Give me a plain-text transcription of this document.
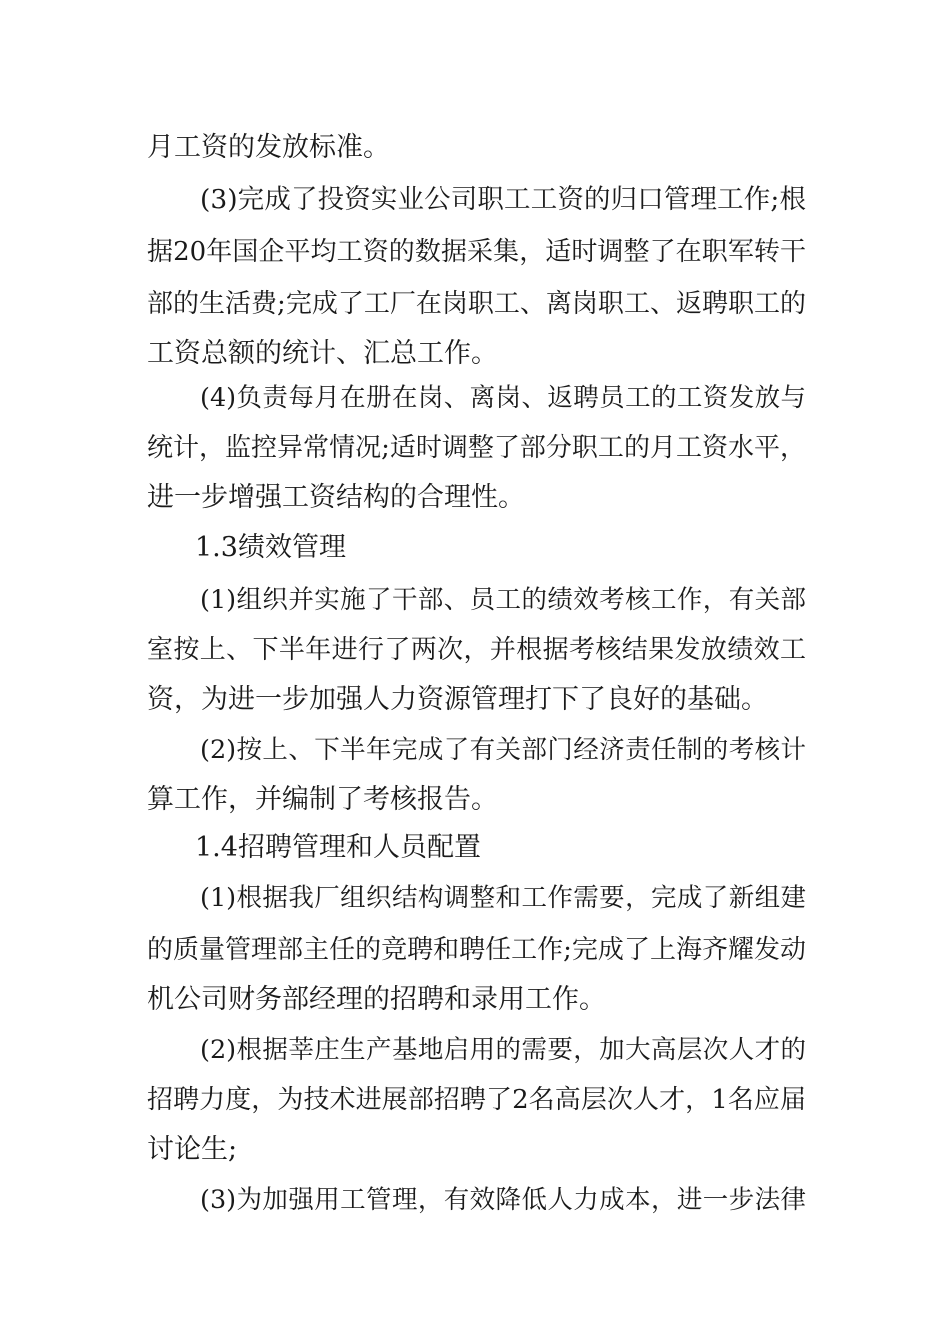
月工资的发放标准。
(3)完成了投资实业公司职工工资的归口管理工作;根
据20年国企平均工资的数据采集，适时调整了在职军转干
部的生活费;完成了工厂在岗职工、离岗职工、返聘职工的
工资总额的统计、汇总工作。
(4)负责每月在册在岗、离岗、返聘员工的工资发放与
统计，监控异常情况;适时调整了部分职工的月工资水平，
进一步增强工资结构的合理性。
1.3绩效管理
(1)组织并实施了干部、员工的绩效考核工作，有关部
室按上、下半年进行了两次，并根据考核结果发放绩效工
资，为进一步加强人力资源管理打下了良好的基础。
(2)按上、下半年完成了有关部门经济责任制的考核计
算工作，并编制了考核报告。
1.4招聘管理和人员配置
(1)根据我厂组织结构调整和工作需要，完成了新组建
的质量管理部主任的竞聘和聘任工作;完成了上海齐耀发动
机公司财务部经理的招聘和录用工作。
(2)根据莘庄生产基地启用的需要，加大高层次人才的
招聘力度，为技术进展部招聘了2名高层次人才，1名应届
讨论生;
(3)为加强用工管理，有效降低人力成本，进一步法律
